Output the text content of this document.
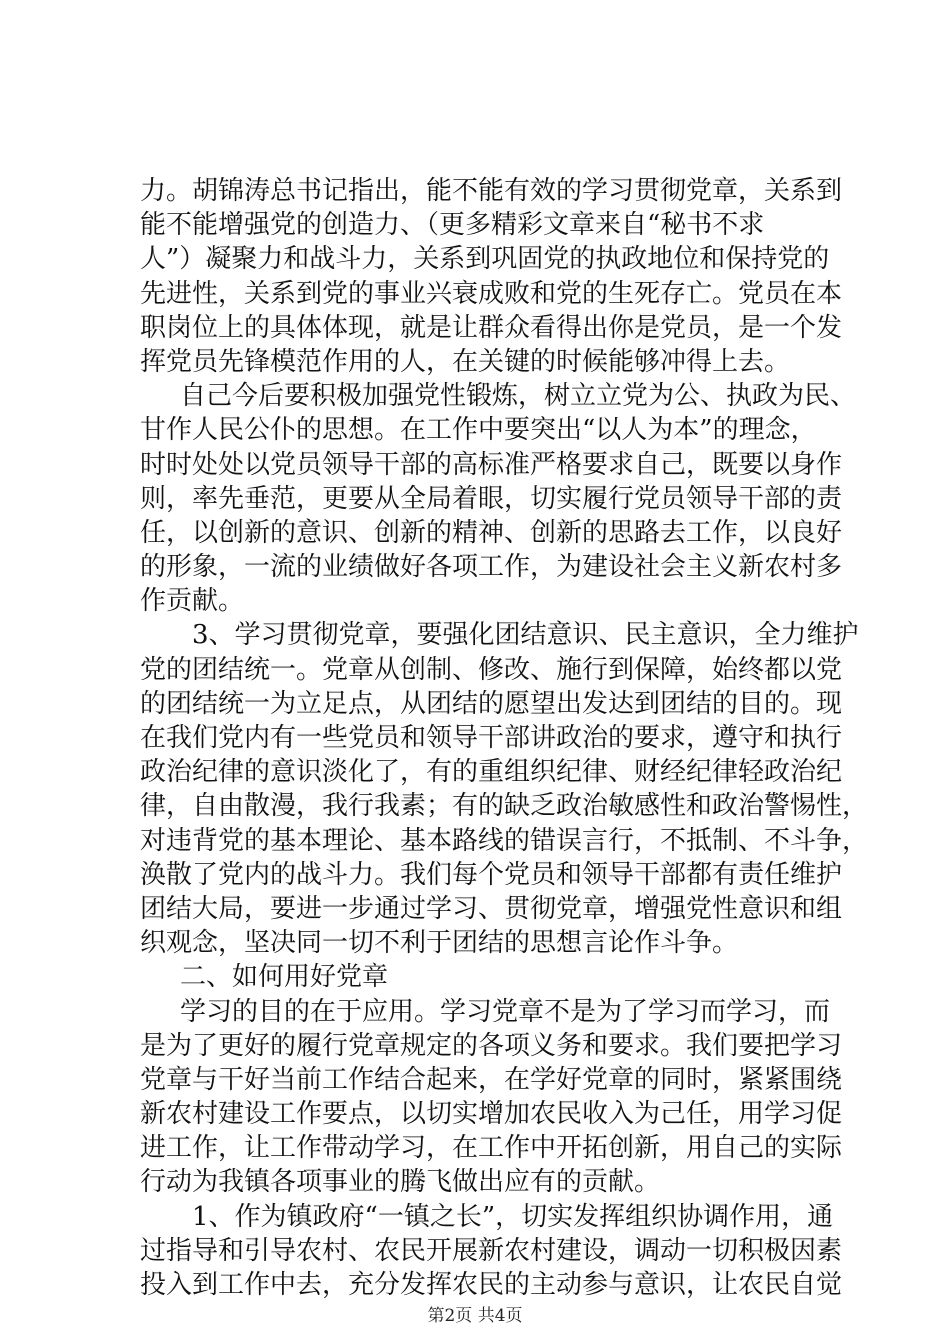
力。胡锦涛总书记指出，能不能有效的学习贯彻党章，关系到
能不能增强党的创造力、（更多精彩文章来自“秘书不求
人”）凝聚力和战斗力，关系到巩固党的执政地位和保持党的
先进性，关系到党的事业兴衰成败和党的生死存亡。党员在本
职岗位上的具体体现，就是让群众看得出你是党员，是一个发
挥党员先锋模范作用的人，在关键的时候能够冲得上去。
自己今后要积极加强党性锻炼，树立立党为公、执政为民、
甘作人民公仆的思想。在工作中要突出“以人为本”的理念，
时时处处以党员领导干部的高标准严格要求自己，既要以身作
则，率先垂范，更要从全局着眼，切实履行党员领导干部的责
任，以创新的意识、创新的精神、创新的思路去工作，以良好
的形象，一流的业绩做好各项工作，为建设社会主义新农村多
作贡献。
3、学习贯彻党章，要强化团结意识、民主意识，全力维护
党的团结统一。党章从创制、修改、施行到保障，始终都以党
的团结统一为立足点，从团结的愿望出发达到团结的目的。现
在我们党内有一些党员和领导干部讲政治的要求，遵守和执行
政治纪律的意识淡化了，有的重组织纪律、财经纪律轻政治纪
律，自由散漫，我行我素；有的缺乏政治敏感性和政治警惕性，
对违背党的基本理论、基本路线的错误言行，不抵制、不斗争，
涣散了党内的战斗力。我们每个党员和领导干部都有责任维护
团结大局，要进一步通过学习、贯彻党章，增强党性意识和组
织观念，坚决同一切不利于团结的思想言论作斗争。
二、如何用好党章
学习的目的在于应用。学习党章不是为了学习而学习，而
是为了更好的履行党章规定的各项义务和要求。我们要把学习
党章与干好当前工作结合起来，在学好党章的同时，紧紧围绕
新农村建设工作要点，以切实增加农民收入为己任，用学习促
进工作，让工作带动学习，在工作中开拓创新，用自己的实际
行动为我镇各项事业的腾飞做出应有的贡献。
1、作为镇政府“一镇之长”，切实发挥组织协调作用，通
过指导和引导农村、农民开展新农村建设，调动一切积极因素
投入到工作中去，充分发挥农民的主动参与意识，让农民自觉
第2页 共4页
